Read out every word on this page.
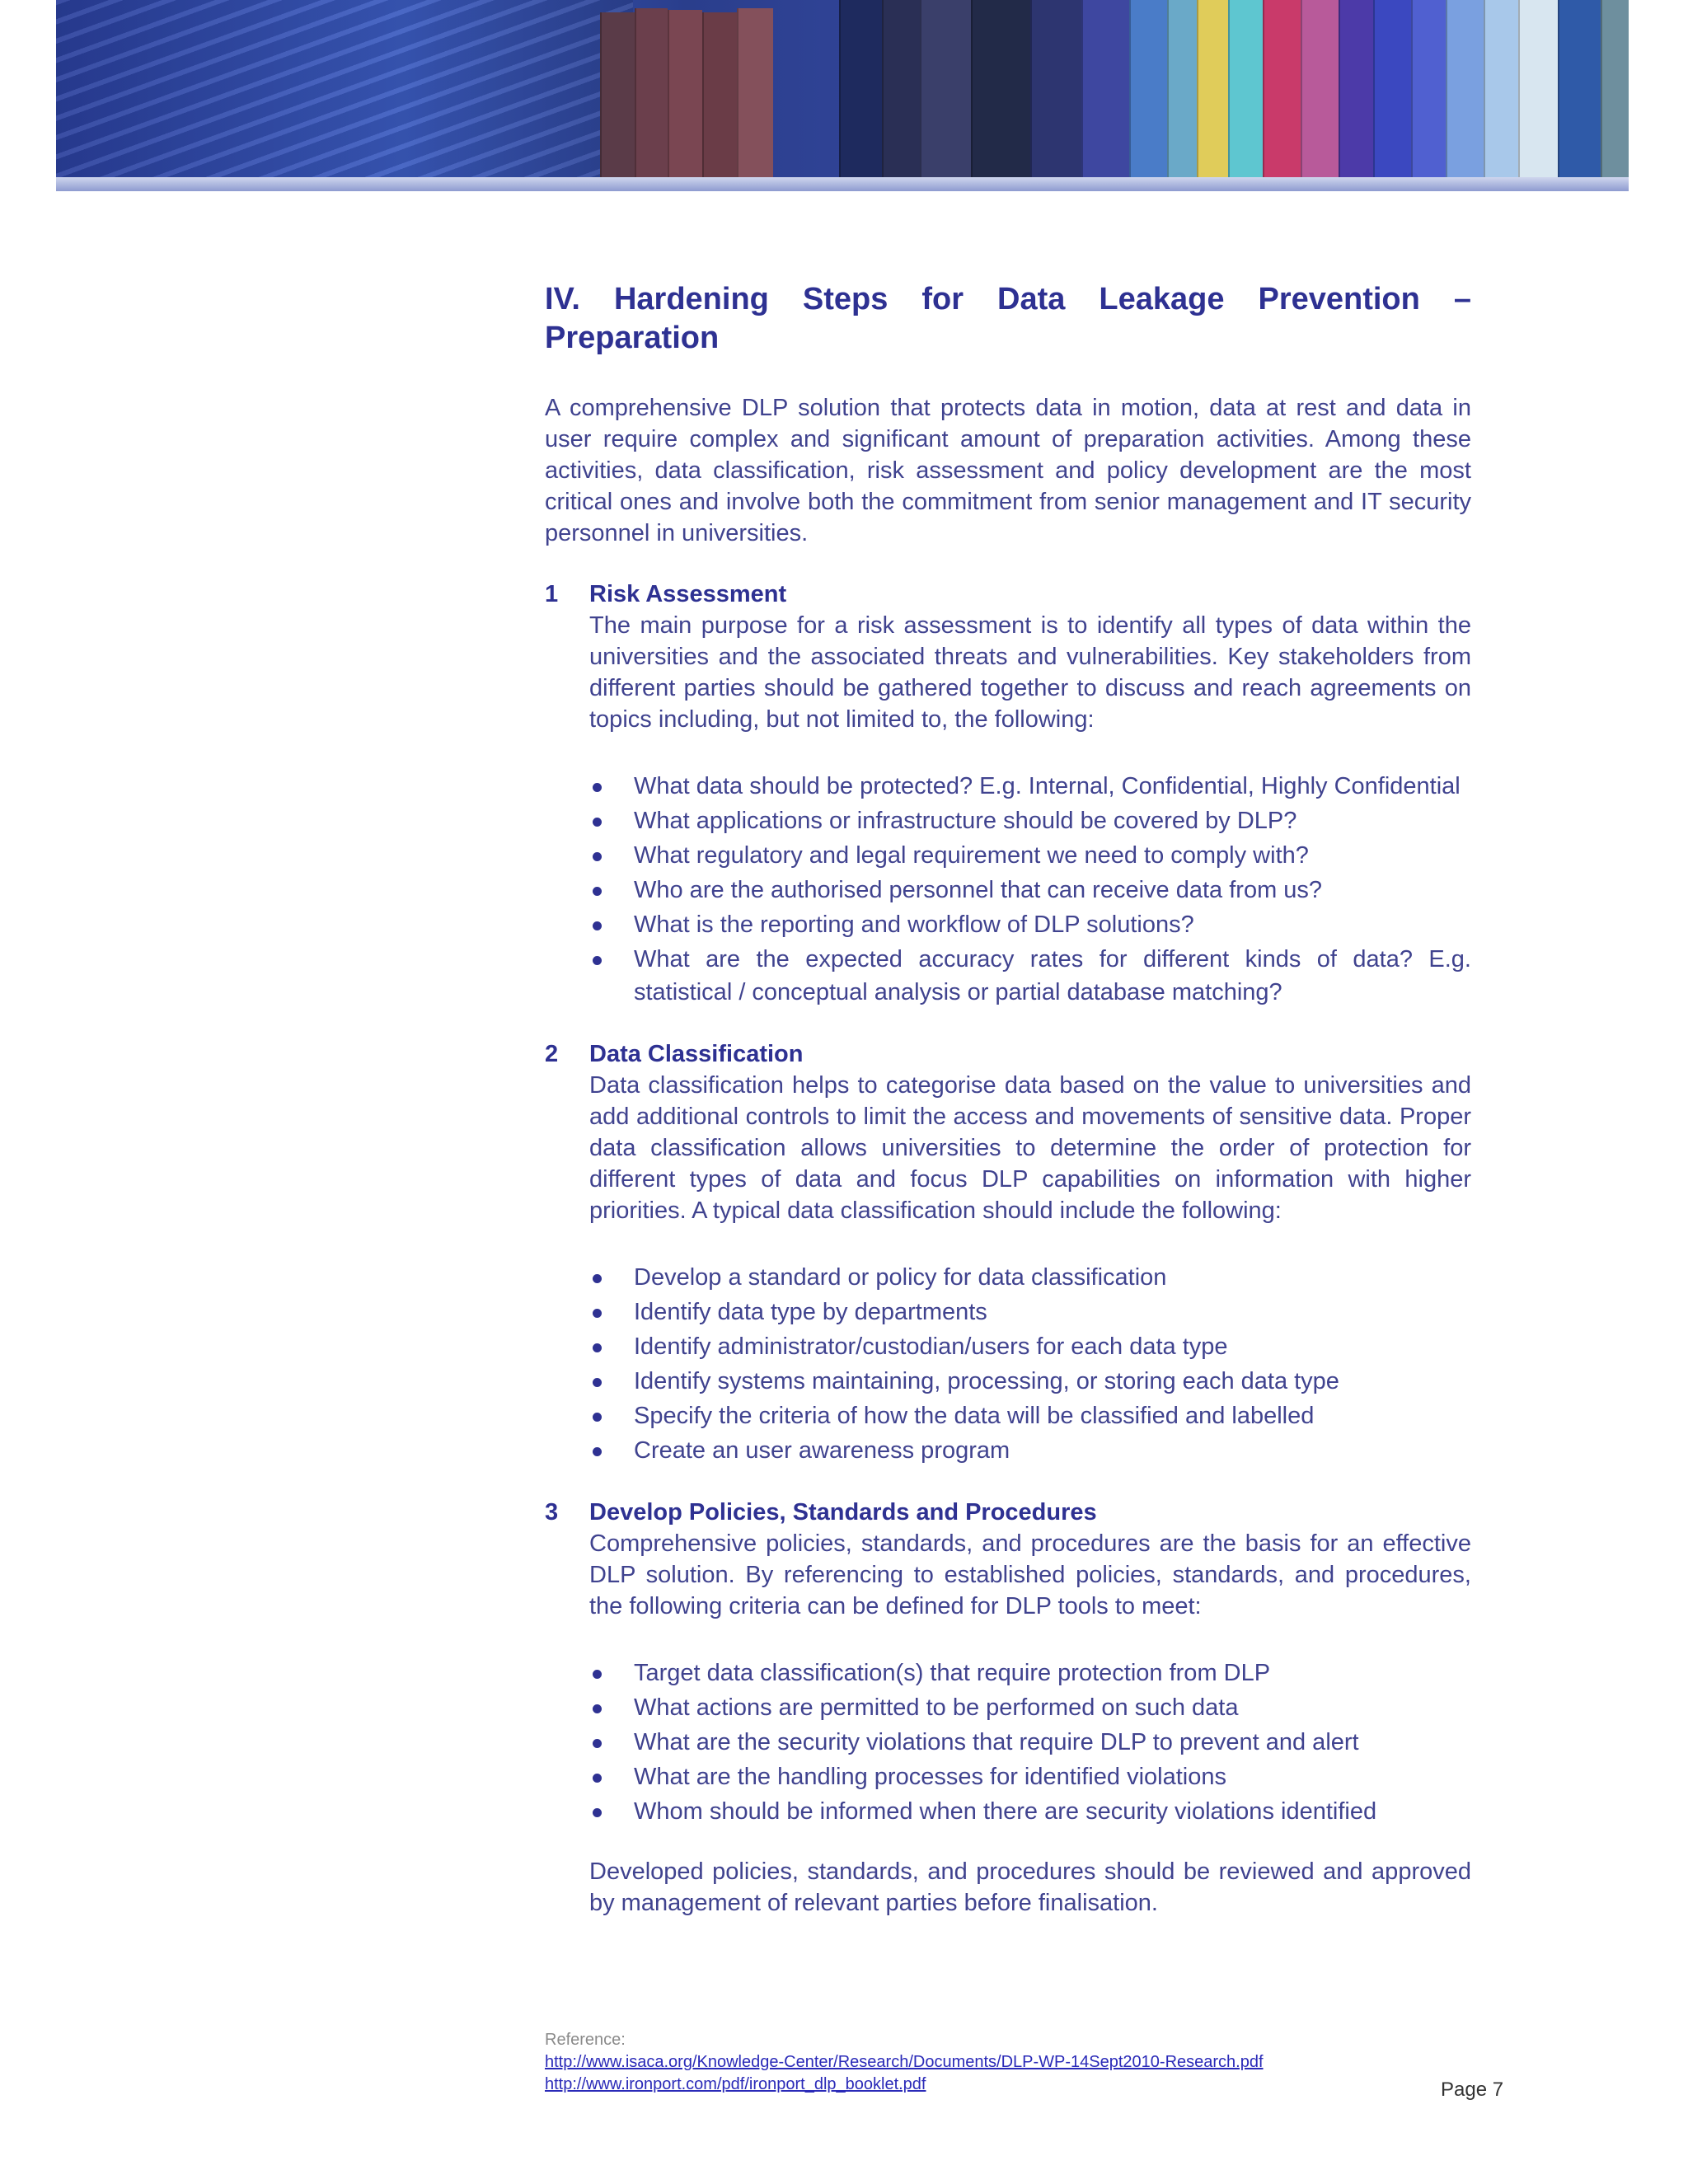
IV. Hardening Steps for Data Leakage Prevention – Preparation

A comprehensive DLP solution that protects data in motion, data at rest and data in user require complex and significant amount of preparation activities. Among these activities, data classification, risk assessment and policy development are the most critical ones and involve both the commitment from senior management and IT security personnel in universities.

1 Risk Assessment

The main purpose for a risk assessment is to identify all types of data within the universities and the associated threats and vulnerabilities. Key stakeholders from different parties should be gathered together to discuss and reach agreements on topics including, but not limited to, the following:

What data should be protected? E.g. Internal, Confidential, Highly Confidential
What applications or infrastructure should be covered by DLP?
What regulatory and legal requirement we need to comply with?
Who are the authorised personnel that can receive data from us?
What is the reporting and workflow of DLP solutions?
What are the expected accuracy rates for different kinds of data? E.g. statistical / conceptual analysis or partial database matching?
2 Data Classification

Data classification helps to categorise data based on the value to universities and add additional controls to limit the access and movements of sensitive data. Proper data classification allows universities to determine the order of protection for different types of data and focus DLP capabilities on information with higher priorities. A typical data classification should include the following:

Develop a standard or policy for data classification
Identify data type by departments
Identify administrator/custodian/users for each data type
Identify systems maintaining, processing, or storing each data type
Specify the criteria of how the data will be classified and labelled
Create an user awareness program
3 Develop Policies, Standards and Procedures

Comprehensive policies, standards, and procedures are the basis for an effective DLP solution. By referencing to established policies, standards, and procedures, the following criteria can be defined for DLP tools to meet:

Target data classification(s) that require protection from DLP
What actions are permitted to be performed on such data
What are the security violations that require DLP to prevent and alert
What are the handling processes for identified violations
Whom should be informed when there are security violations identified

Developed policies, standards, and procedures should be reviewed and approved by management of relevant parties before finalisation.

Reference:
http://www.isaca.org/Knowledge-Center/Research/Documents/DLP-WP-14Sept2010-Research.pdf
http://www.ironport.com/pdf/ironport_dlp_booklet.pdf	Page 7
